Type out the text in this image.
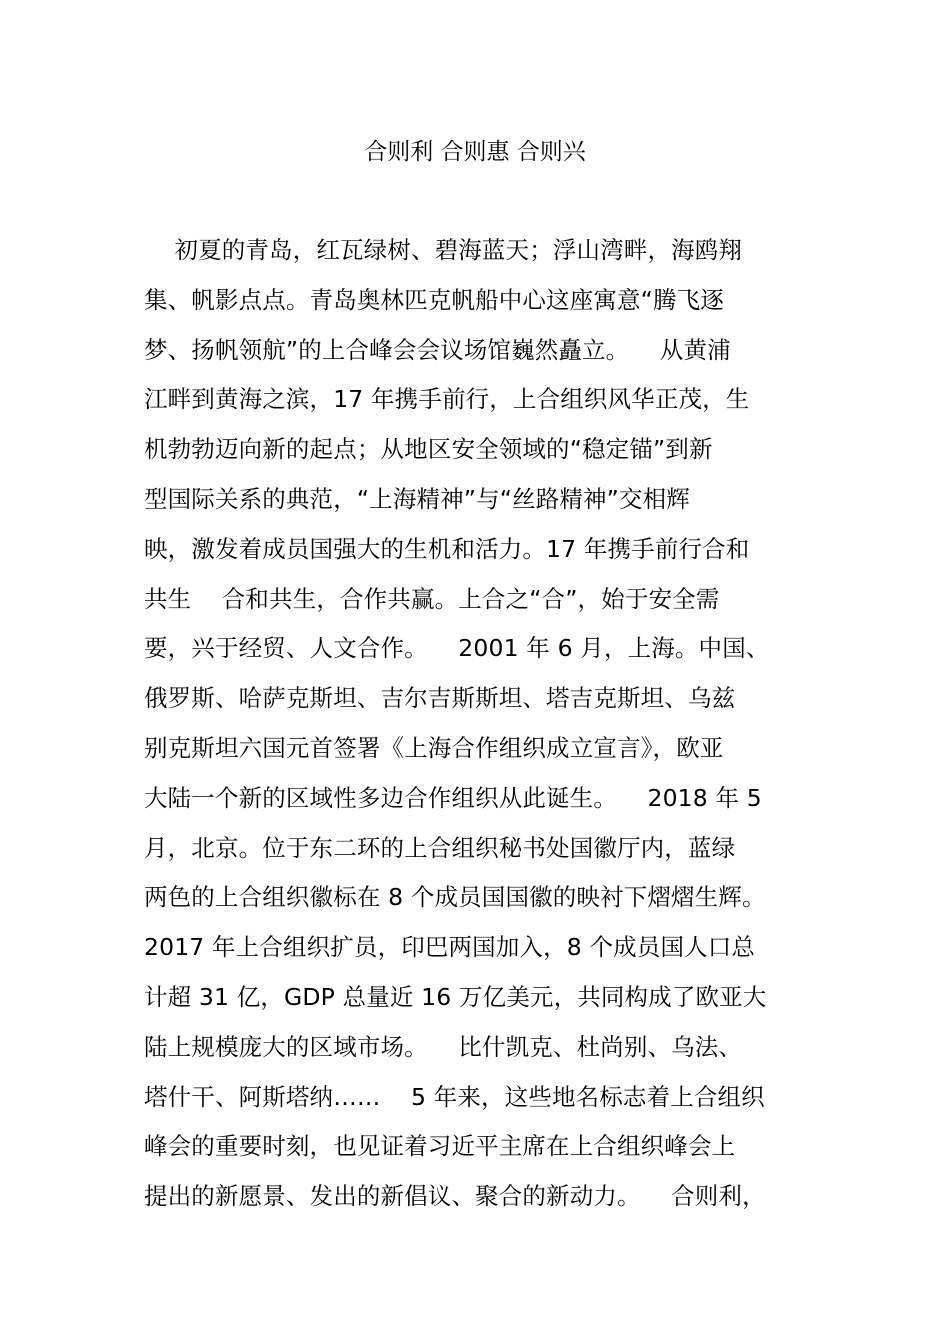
合则利 合则惠 合则兴
初夏的青岛，红瓦绿树、碧海蓝天；浮山湾畔，海鸥翔
集、帆影点点。青岛奥林匹克帆船中心这座寓意“腾飞逐
梦、扬帆领航”的上合峰会会议场馆巍然矗立。    从黄浦
江畔到黄海之滨，17 年携手前行，上合组织风华正茂，生
机勃勃迈向新的起点；从地区安全领域的“稳定锚”到新
型国际关系的典范，“上海精神”与“丝路精神”交相辉
映，激发着成员国强大的生机和活力。17 年携手前行合和
共生    合和共生，合作共赢。上合之“合”，始于安全需
要，兴于经贸、人文合作。    2001 年 6 月，上海。中国、
俄罗斯、哈萨克斯坦、吉尔吉斯斯坦、塔吉克斯坦、乌兹
别克斯坦六国元首签署《上海合作组织成立宣言》，欧亚
大陆一个新的区域性多边合作组织从此诞生。    2018 年 5
月，北京。位于东二环的上合组织秘书处国徽厅内，蓝绿
两色的上合组织徽标在 8 个成员国国徽的映衬下熠熠生辉。
2017 年上合组织扩员，印巴两国加入，8 个成员国人口总
计超 31 亿，GDP 总量近 16 万亿美元，共同构成了欧亚大
陆上规模庞大的区域市场。    比什凯克、杜尚别、乌法、
塔什干、阿斯塔纳……    5 年来，这些地名标志着上合组织
峰会的重要时刻，也见证着习近平主席在上合组织峰会上
提出的新愿景、发出的新倡议、聚合的新动力。    合则利，
